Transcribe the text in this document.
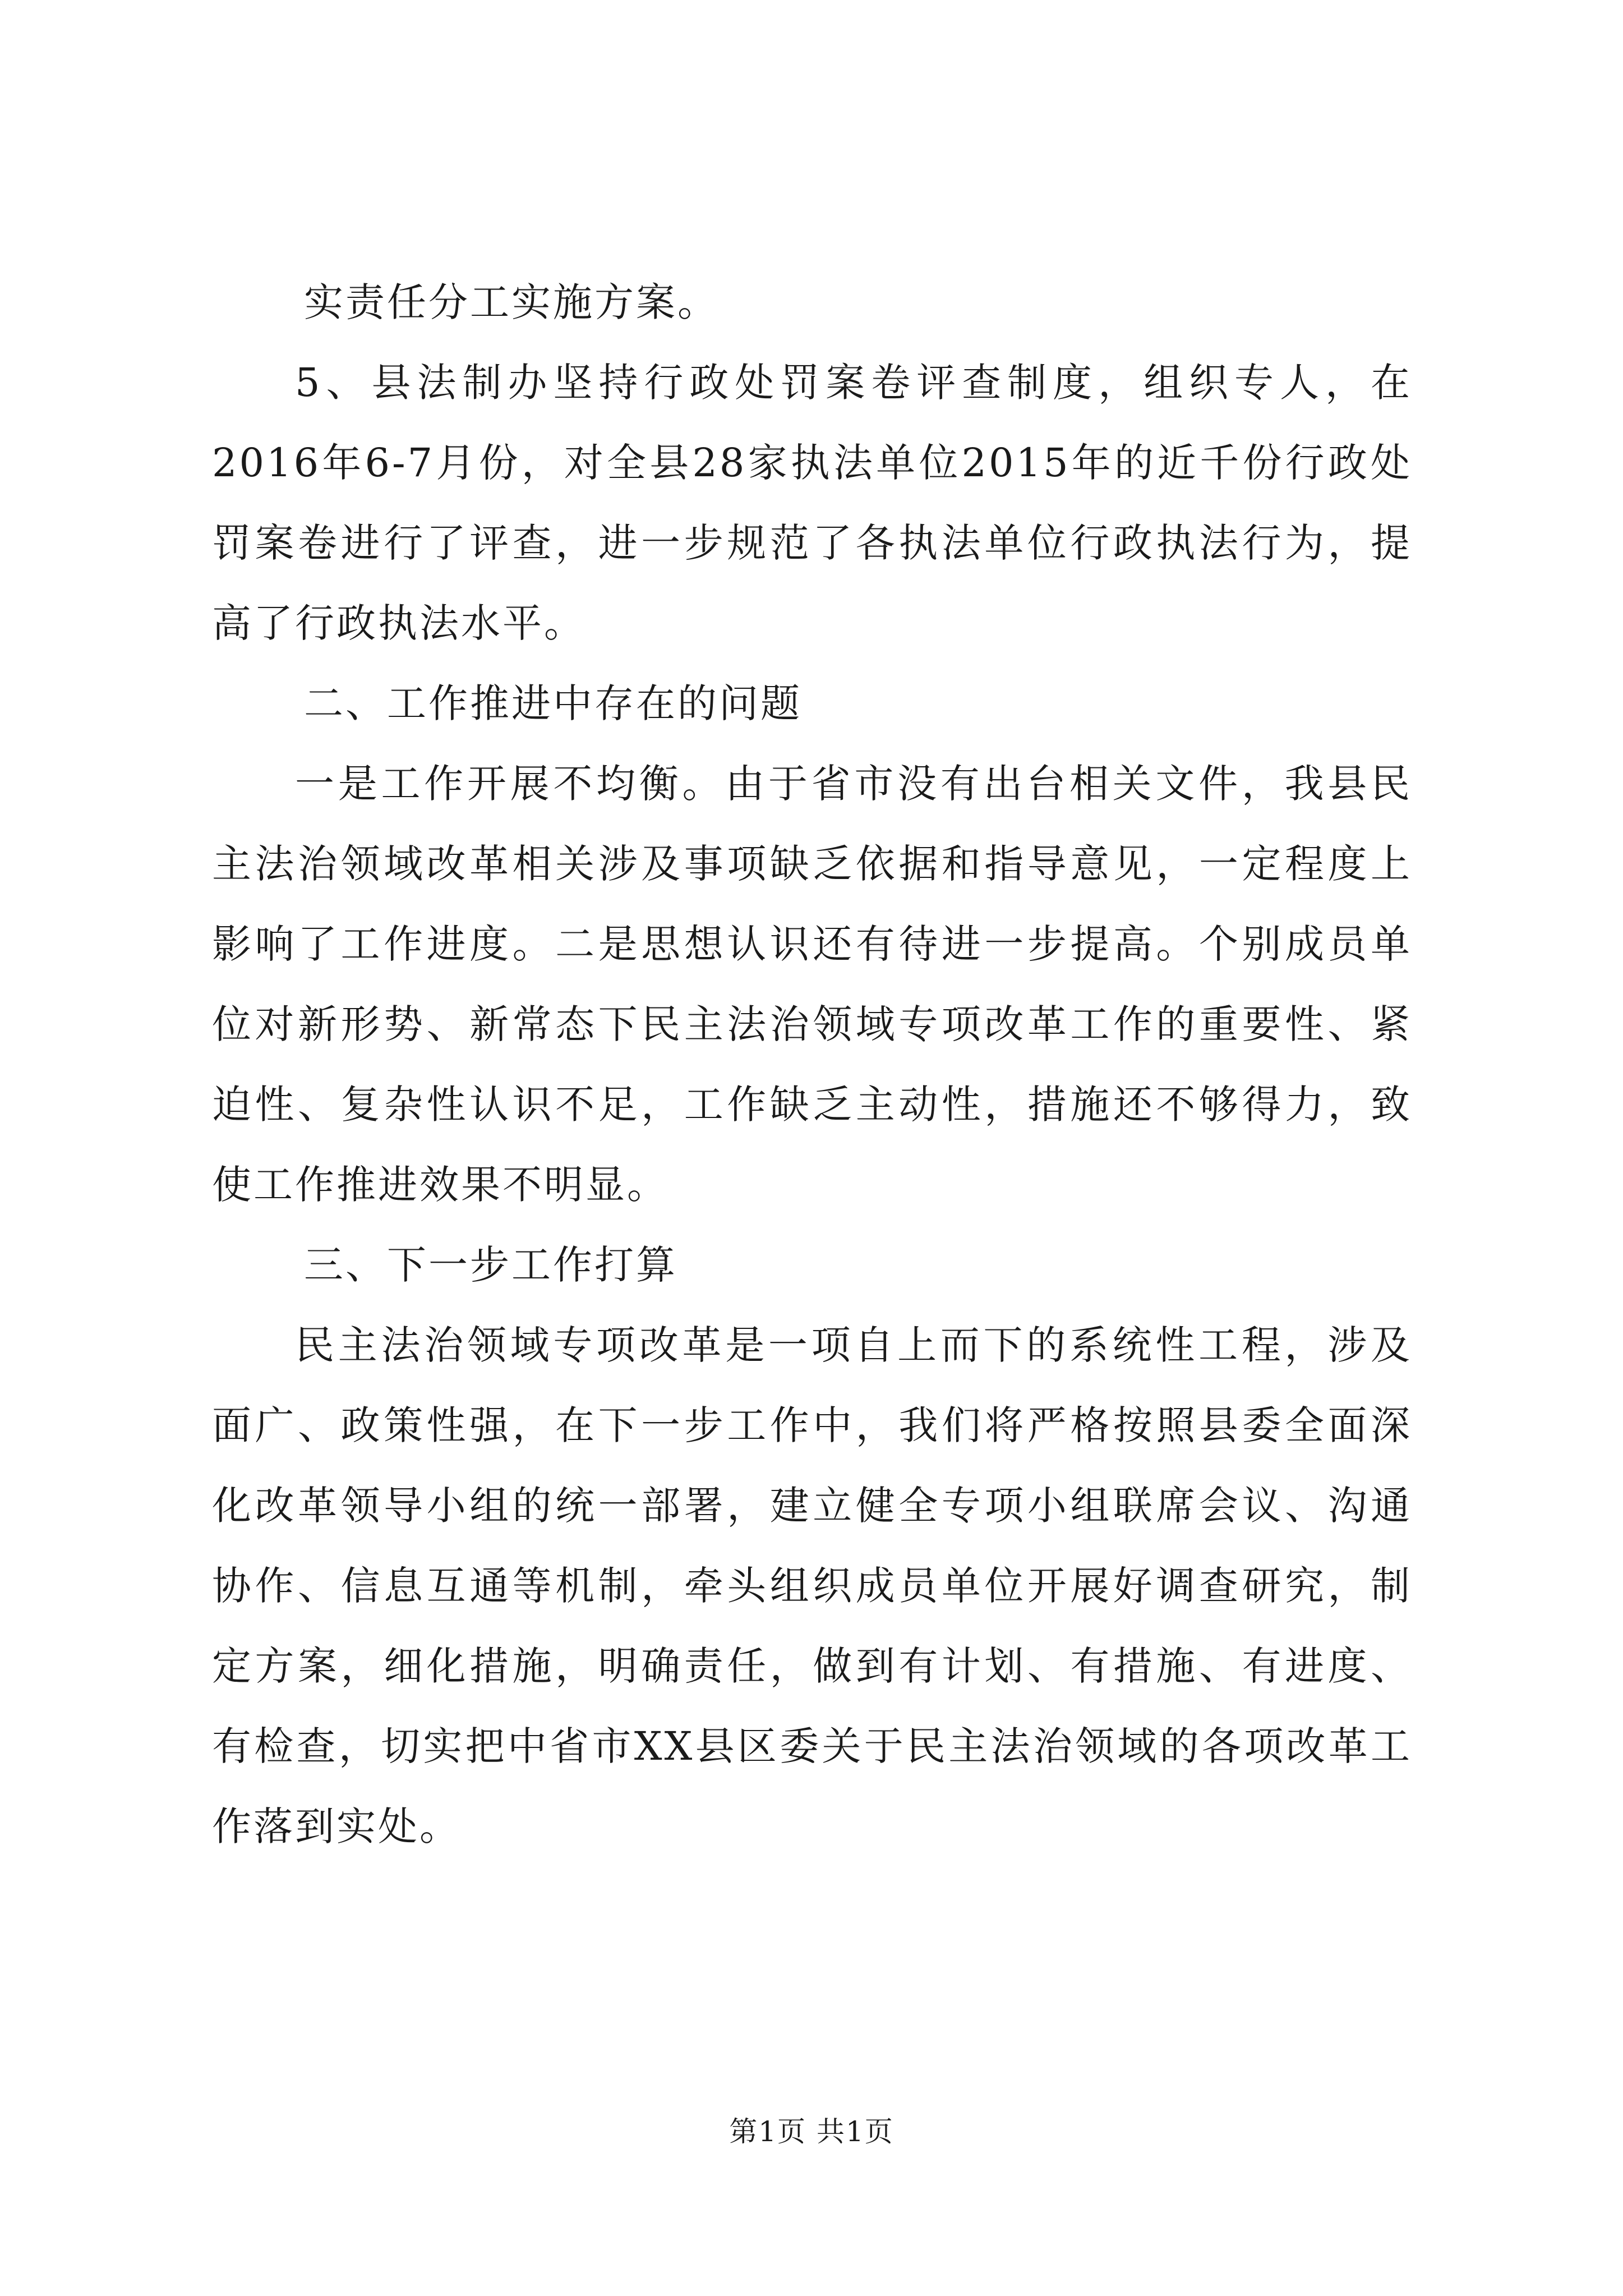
实责任分工实施方案。

5、县法制办坚持行政处罚案卷评查制度，组织专人，在2016年6-7月份，对全县28家执法单位2015年的近千份行政处罚案卷进行了评查，进一步规范了各执法单位行政执法行为，提高了行政执法水平。

二、工作推进中存在的问题

一是工作开展不均衡。由于省市没有出台相关文件，我县民主法治领域改革相关涉及事项缺乏依据和指导意见，一定程度上影响了工作进度。二是思想认识还有待进一步提高。个别成员单位对新形势、新常态下民主法治领域专项改革工作的重要性、紧迫性、复杂性认识不足，工作缺乏主动性，措施还不够得力，致使工作推进效果不明显。

三、下一步工作打算

民主法治领域专项改革是一项自上而下的系统性工程，涉及面广、政策性强，在下一步工作中，我们将严格按照县委全面深化改革领导小组的统一部署，建立健全专项小组联席会议、沟通协作、信息互通等机制，牵头组织成员单位开展好调查研究，制定方案，细化措施，明确责任，做到有计划、有措施、有进度、有检查，切实把中省市XX县区委关于民主法治领域的各项改革工作落到实处。

第1页 共1页
